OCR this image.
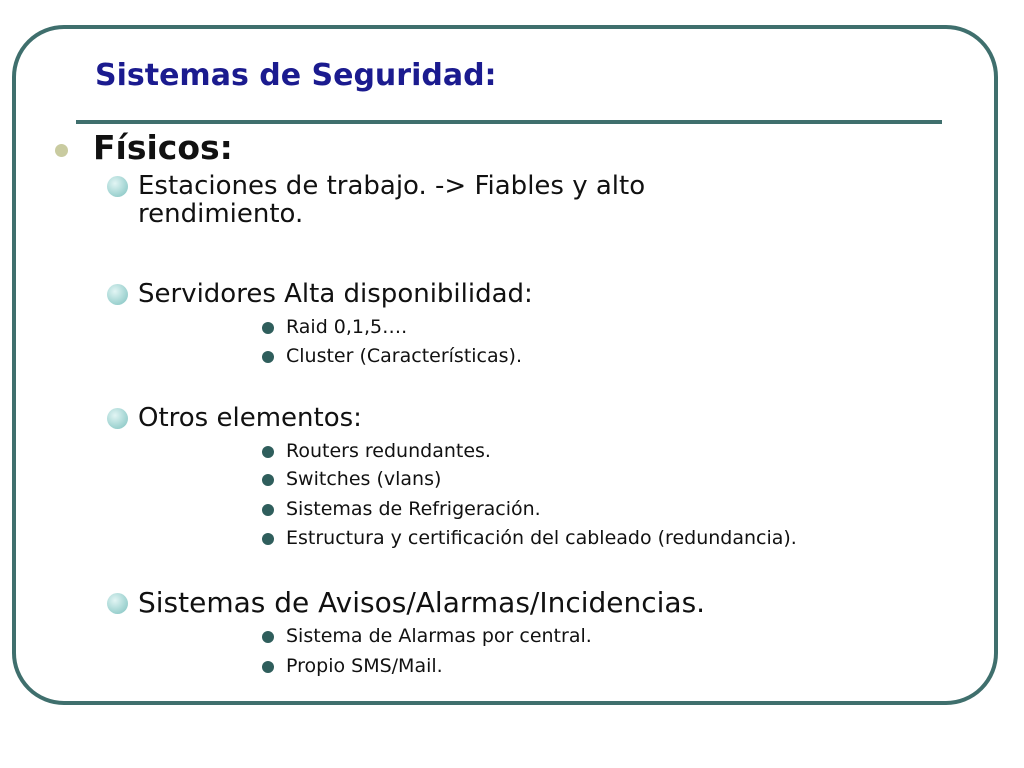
Sistemas de Seguridad:
Físicos:
Estaciones de trabajo. -> Fiables y alto
rendimiento.
Servidores Alta disponibilidad:
Raid 0,1,5….
Cluster (Características).
Otros elementos:
Routers redundantes.
Switches (vlans)
Sistemas de Refrigeración.
Estructura y certificación del cableado (redundancia).
Sistemas de Avisos/Alarmas/Incidencias.
Sistema de Alarmas por central.
Propio SMS/Mail.
